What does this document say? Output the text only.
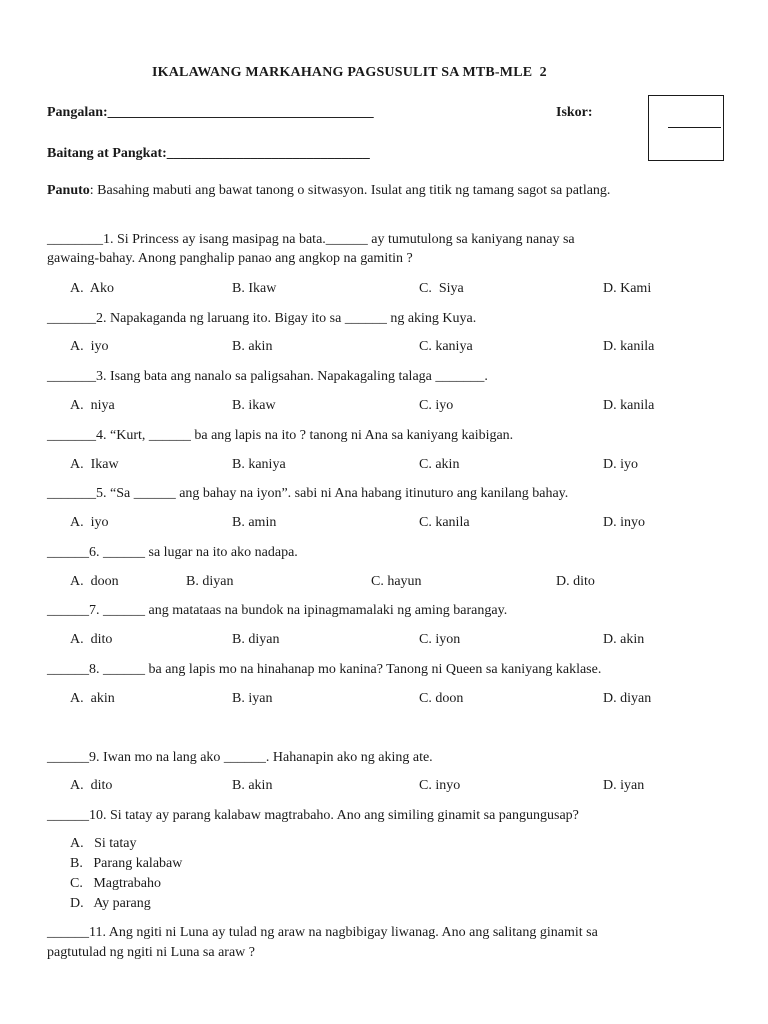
IKALAWANG MARKAHANG PAGSUSULIT SA MTB-MLE  2
Pangalan:______________________________________	Iskor:
Baitang at Pangkat:_____________________________
Panuto: Basahing mabuti ang bawat tanong o sitwasyon. Isulat ang titik ng tamang sagot sa patlang.
________1. Si Princess ay isang masipag na bata.______ ay tumutulong sa kaniyang nanay sa
gawaing-bahay. Anong panghalip panao ang angkop na gamitin ?
A.  Ako	B. Ikaw	C.  Siya	D. Kami
_______2. Napakaganda ng laruang ito. Bigay ito sa ______ ng aking Kuya.
A.  iyo	B. akin	C. kaniya	D. kanila
_______3. Isang bata ang nanalo sa paligsahan. Napakagaling talaga _______.
A.  niya	B. ikaw	C. iyo	D. kanila
_______4. “Kurt, ______ ba ang lapis na ito ? tanong ni Ana sa kaniyang kaibigan.
A.  Ikaw	B. kaniya	C. akin	D. iyo
_______5. “Sa ______ ang bahay na iyon”. sabi ni Ana habang itinuturo ang kanilang bahay.
A.  iyo	B. amin	C. kanila	D. inyo
______6. ______ sa lugar na ito ako nadapa.
A.  doon	B. diyan	C. hayun	D. dito
______7. ______ ang matataas na bundok na ipinagmamalaki ng aming barangay.
A.  dito	B. diyan	C. iyon	D. akin
______8. ______ ba ang lapis mo na hinahanap mo kanina? Tanong ni Queen sa kaniyang kaklase.
A.  akin	B. iyan	C. doon	D. diyan
______9. Iwan mo na lang ako ______. Hahanapin ako ng aking ate.
A.  dito	B. akin	C. inyo	D. iyan
______10. Si tatay ay parang kalabaw magtrabaho. Ano ang similing ginamit sa pangungusap?
A.   Si tatay
B.   Parang kalabaw
C.   Magtrabaho
D.   Ay parang
______11. Ang ngiti ni Luna ay tulad ng araw na nagbibigay liwanag. Ano ang salitang ginamit sa
pagtutulad ng ngiti ni Luna sa araw ?
